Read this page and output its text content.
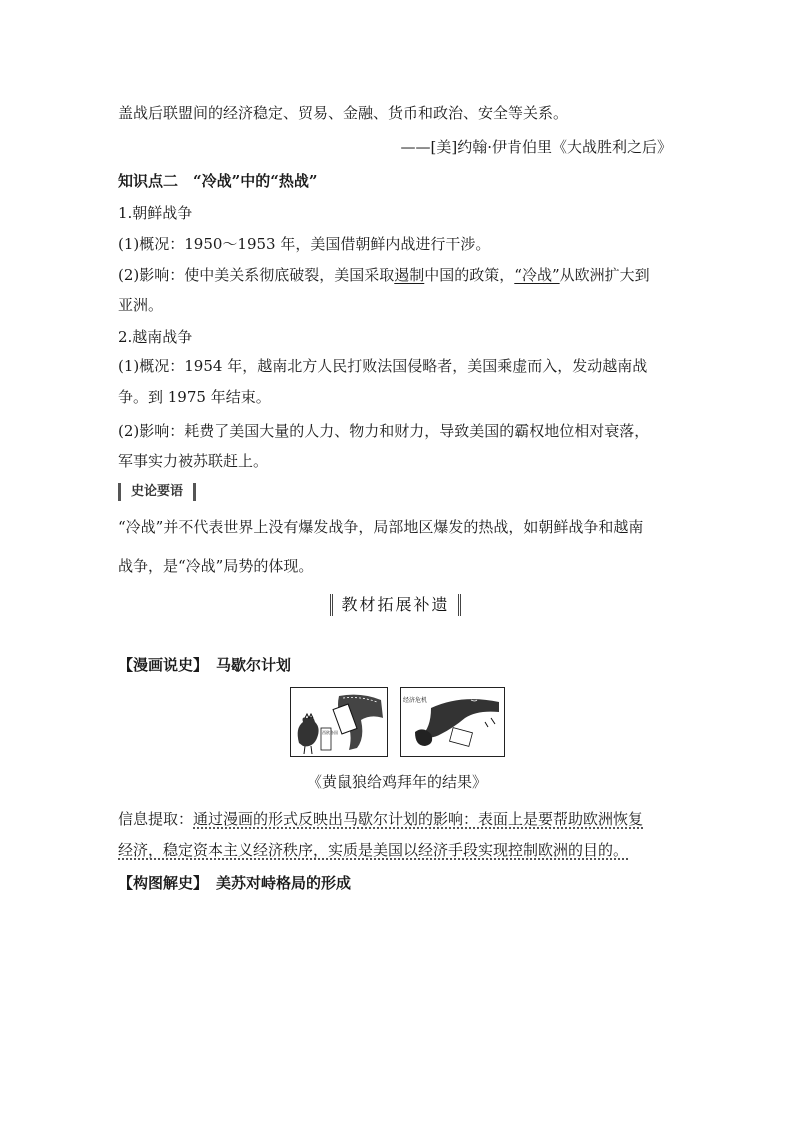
盖战后联盟间的经济稳定、贸易、金融、货币和政治、安全等关系。
——[美]约翰·伊肯伯里《大战胜利之后》
知识点二　“冷战”中的“热战”
1.朝鲜战争
(1)概况：1950～1953 年，美国借朝鲜内战进行干涉。
(2)影响：使中美关系彻底破裂，美国采取遏制中国的政策，“冷战”从欧洲扩大到
亚洲。
2.越南战争
(1)概况：1954 年，越南北方人民打败法国侵略者，美国乘虚而入，发动越南战
争。到 1975 年结束。
(2)影响：耗费了美国大量的人力、物力和财力，导致美国的霸权地位相对衰落，
军事实力被苏联赶上。
史论要语
“冷战”并不代表世界上没有爆发战争，局部地区爆发的热战，如朝鲜战争和越南
战争，是“冷战”局势的体现。
教材拓展补遗
【漫画说史】 马歇尔计划
西欧各国
经济危机
《黄鼠狼给鸡拜年的结果》
信息提取：通过漫画的形式反映出马歇尔计划的影响：表面上是要帮助欧洲恢复
经济，稳定资本主义经济秩序，实质是美国以经济手段实现控制欧洲的目的。
【构图解史】 美苏对峙格局的形成
